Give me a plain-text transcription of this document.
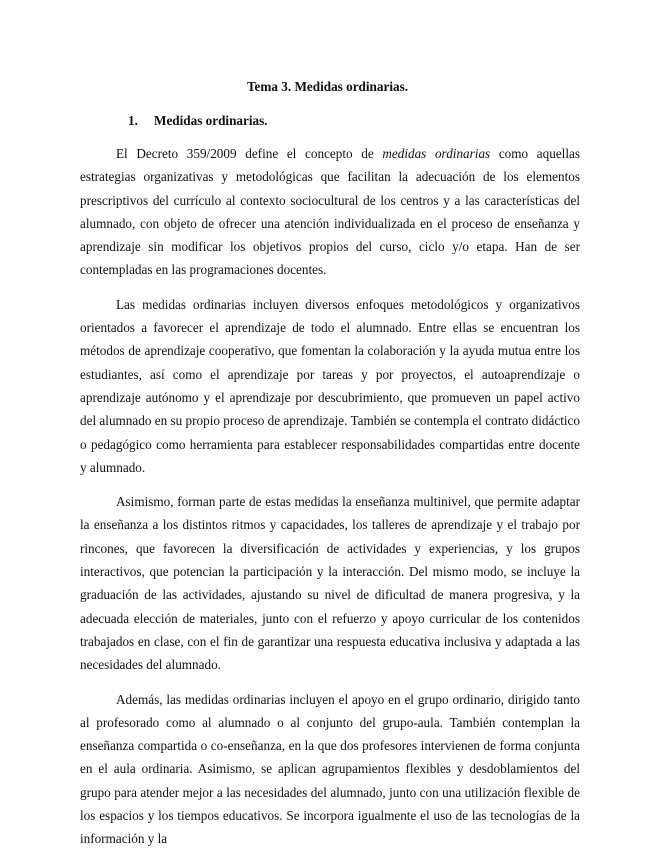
Tema 3. Medidas ordinarias.
1. Medidas ordinarias.

El Decreto 359/2009 define el concepto de medidas ordinarias como aquellas estrategias organizativas y metodológicas que facilitan la adecuación de los elementos prescriptivos del currículo al contexto sociocultural de los centros y a las características del alumnado, con objeto de ofrecer una atención individualizada en el proceso de enseñanza y aprendizaje sin modificar los objetivos propios del curso, ciclo y/o etapa. Han de ser contempladas en las programaciones docentes.

Las medidas ordinarias incluyen diversos enfoques metodológicos y organizativos orientados a favorecer el aprendizaje de todo el alumnado. Entre ellas se encuentran los métodos de aprendizaje cooperativo, que fomentan la colaboración y la ayuda mutua entre los estudiantes, así como el aprendizaje por tareas y por proyectos, el autoaprendizaje o aprendizaje autónomo y el aprendizaje por descubrimiento, que promueven un papel activo del alumnado en su propio proceso de aprendizaje. También se contempla el contrato didáctico o pedagógico como herramienta para establecer responsabilidades compartidas entre docente y alumnado.

Asimismo, forman parte de estas medidas la enseñanza multinivel, que permite adaptar la enseñanza a los distintos ritmos y capacidades, los talleres de aprendizaje y el trabajo por rincones, que favorecen la diversificación de actividades y experiencias, y los grupos interactivos, que potencian la participación y la interacción. Del mismo modo, se incluye la graduación de las actividades, ajustando su nivel de dificultad de manera progresiva, y la adecuada elección de materiales, junto con el refuerzo y apoyo curricular de los contenidos trabajados en clase, con el fin de garantizar una respuesta educativa inclusiva y adaptada a las necesidades del alumnado.

Además, las medidas ordinarias incluyen el apoyo en el grupo ordinario, dirigido tanto al profesorado como al alumnado o al conjunto del grupo-aula. También contemplan la enseñanza compartida o co-enseñanza, en la que dos profesores intervienen de forma conjunta en el aula ordinaria. Asimismo, se aplican agrupamientos flexibles y desdoblamientos del grupo para atender mejor a las necesidades del alumnado, junto con una utilización flexible de los espacios y los tiempos educativos. Se incorpora igualmente el uso de las tecnologías de la información y la
